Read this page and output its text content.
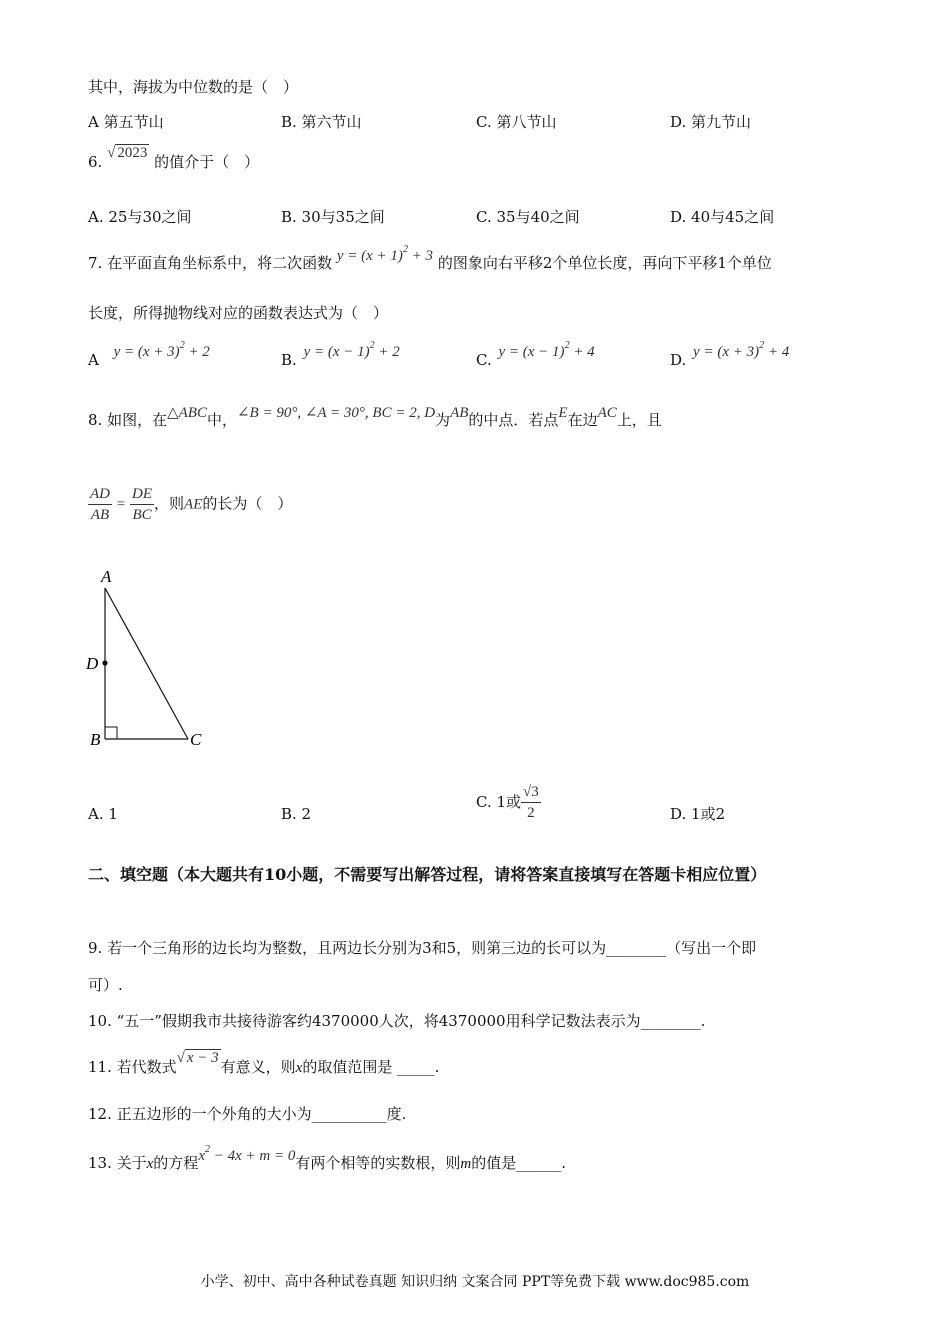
其中，海拔为中位数的是（　）
A 第五节山	B. 第六节山	C. 第八节山	D. 第九节山
6. √ 2023 的值介于（　）
A. 25与30之间	B. 30与35之间	C. 35与40之间	D. 40与45之间
7. 在平面直角坐标系中，将二次函数 $y = (x + 1)^2 + 3$ 的图象向右平移2个单位长度，再向下平移1个单位
长度，所得抛物线对应的函数表达式为（　）
A $y = (x + 3)^2 + 2$	B. $y = (x - 1)^2 + 2$	C. $y = (x - 1)^2 + 4$	D. $y = (x + 3)^2 + 4$
8. 如图，在△ABC中，∠B = 90°, ∠A = 30°, BC = 2, D为AB的中点．若点E在边AC上，且
$\frac{AD}{AB} = \frac{DE}{BC}$ ，则AE的长为（　）
A
D
B	C
A. 1	B. 2
C. 1或 $\frac{√3}{2}$	D. 1或2
二、填空题（本大题共有10小题，不需要写出解答过程，请将答案直接填写在答题卡相应位置）
9. 若一个三角形的边长均为整数，且两边长分别为3和5，则第三边的长可以为________（写出一个即
可）.
10. “五一”假期我市共接待游客约4370000人次，将4370000用科学记数法表示为________.
11. 若代数式√ x − 3 有意义，则x的取值范围是 _____.
12. 正五边形的一个外角的大小为__________度.
13. 关于x的方程$x^2 - 4x + m = 0$有两个相等的实数根，则m的值是______.
小学、初中、高中各种试卷真题 知识归纳 文案合同 PPT等免费下载 www.doc985.com
